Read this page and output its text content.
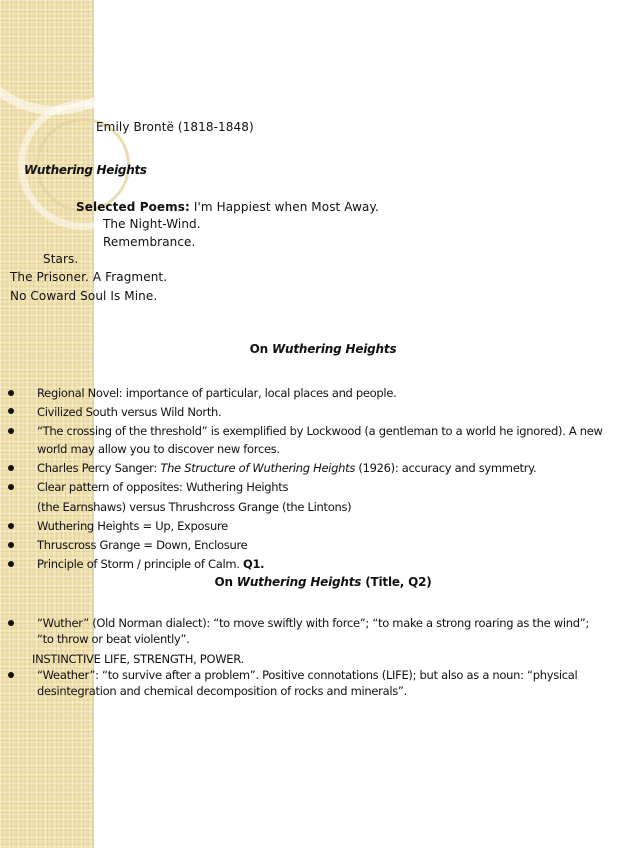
Emily Brontë (1818-1848)
Wuthering Heights
Selected Poems: I'm Happiest when Most Away.
The Night-Wind.
Remembrance.
Stars.
The Prisoner. A Fragment.
No Coward Soul Is Mine.
On Wuthering Heights
Regional Novel: importance of particular, local places and people.
Civilized South versus Wild North.
“The crossing of the threshold” is exemplified by Lockwood (a gentleman to a world he ignored). A new world may allow you to discover new forces.
Charles Percy Sanger: The Structure of Wuthering Heights (1926): accuracy and symmetry.
Clear pattern of opposites: Wuthering Heights
(the Earnshaws) versus Thrushcross Grange (the Lintons)
Wuthering Heights = Up, Exposure
Thruscross Grange = Down, Enclosure
Principle of Storm / principle of Calm. Q1.
On Wuthering Heights (Title, Q2)
“Wuther” (Old Norman dialect): “to move swiftly with force”; “to make a strong roaring as the wind”; “to throw or beat violently”.
INSTINCTIVE LIFE, STRENGTH, POWER.
“Weather”: “to survive after a problem”. Positive connotations (LIFE); but also as a noun: “physical desintegration and chemical decomposition of rocks and minerals”.
